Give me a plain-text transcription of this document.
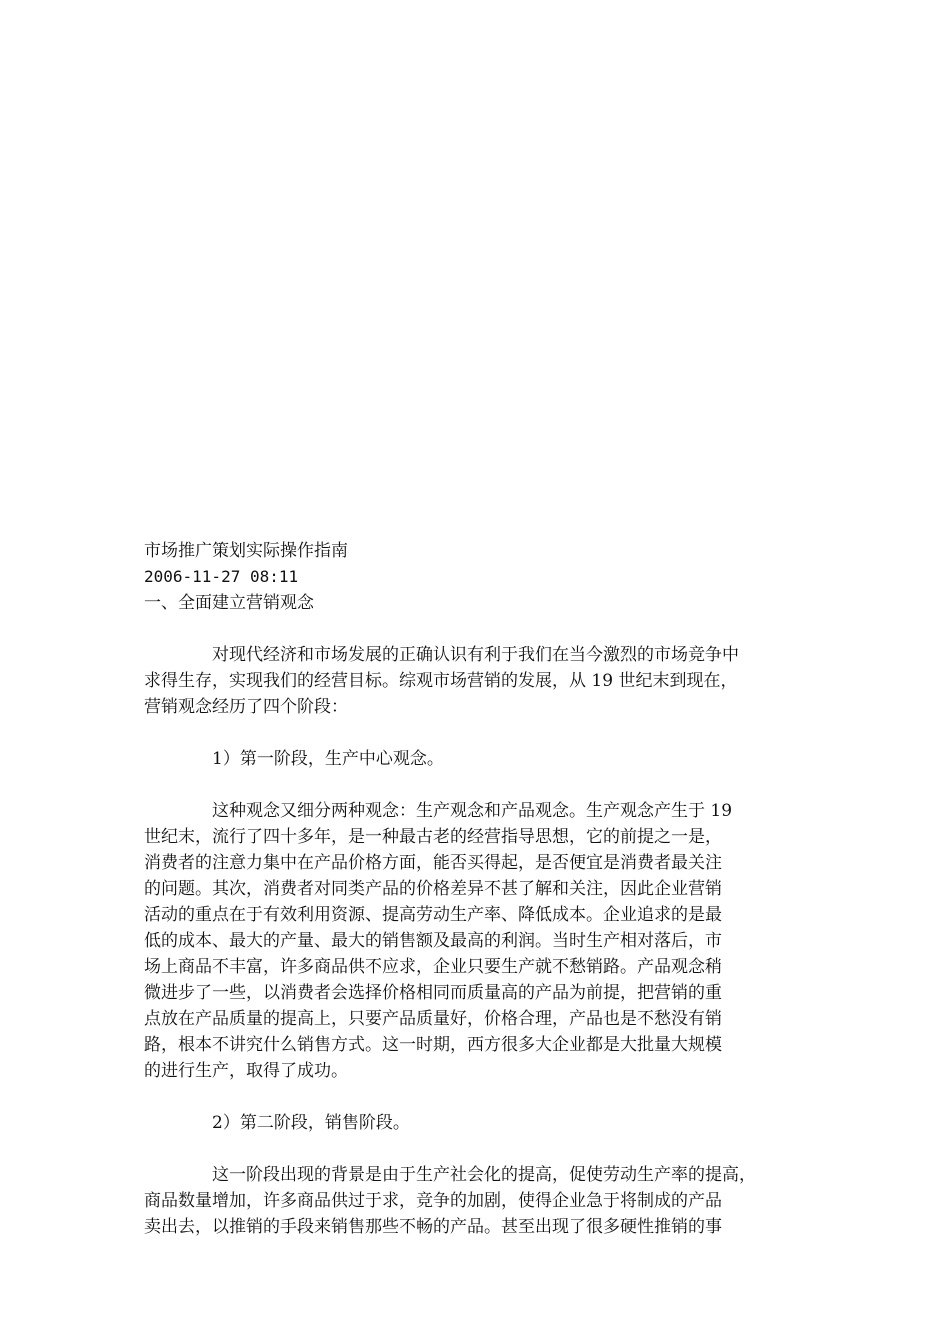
市场推广策划实际操作指南
2006-11-27 08:11
一、全面建立营销观念
对现代经济和市场发展的正确认识有利于我们在当今激烈的市场竞争中
求得生存，实现我们的经营目标。综观市场营销的发展，从 19 世纪末到现在，
营销观念经历了四个阶段：
1）第一阶段，生产中心观念。
这种观念又细分两种观念：生产观念和产品观念。生产观念产生于 19
世纪末，流行了四十多年，是一种最古老的经营指导思想，它的前提之一是，
消费者的注意力集中在产品价格方面，能否买得起，是否便宜是消费者最关注
的问题。其次，消费者对同类产品的价格差异不甚了解和关注，因此企业营销
活动的重点在于有效利用资源、提高劳动生产率、降低成本。企业追求的是最
低的成本、最大的产量、最大的销售额及最高的利润。当时生产相对落后，市
场上商品不丰富，许多商品供不应求，企业只要生产就不愁销路。产品观念稍
微进步了一些，以消费者会选择价格相同而质量高的产品为前提，把营销的重
点放在产品质量的提高上，只要产品质量好，价格合理，产品也是不愁没有销
路，根本不讲究什么销售方式。这一时期，西方很多大企业都是大批量大规模
的进行生产，取得了成功。
2）第二阶段，销售阶段。
这一阶段出现的背景是由于生产社会化的提高，促使劳动生产率的提高，
商品数量增加，许多商品供过于求，竞争的加剧，使得企业急于将制成的产品
卖出去，以推销的手段来销售那些不畅的产品。甚至出现了很多硬性推销的事
